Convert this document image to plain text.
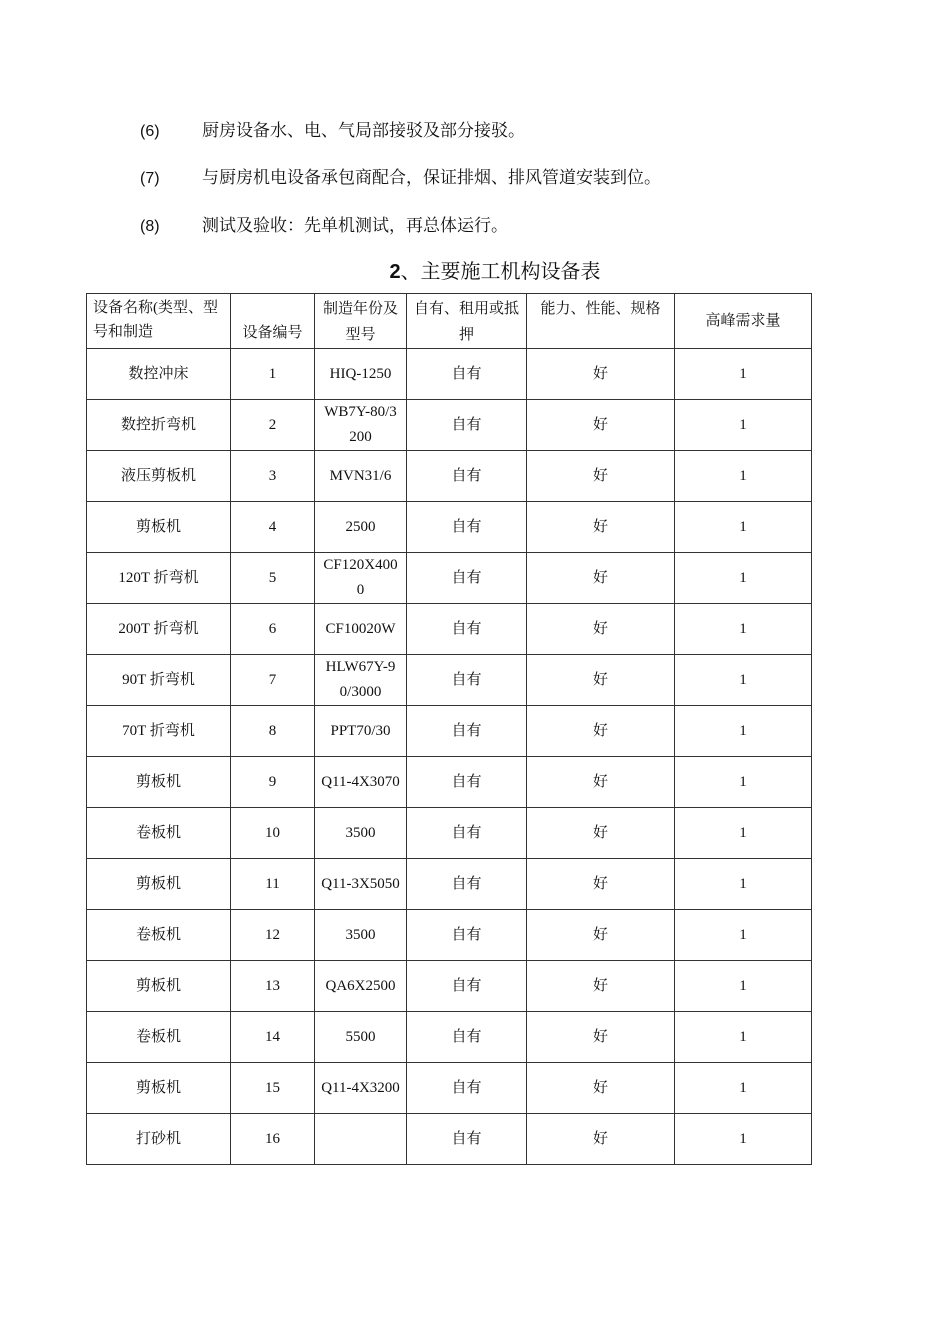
(6) 厨房设备水、电、气局部接驳及部分接驳。
(7) 与厨房机电设备承包商配合，保证排烟、排风管道安装到位。
(8) 测试及验收：先单机测试，再总体运行。
2、主要施工机构设备表
设备名称(类型、型号和制造	设备编号	制造年份及型号	自有、租用或抵押	能力、性能、规格	高峰需求量
数控冲床	1	HIQ-1250	自有	好	1
数控折弯机	2	WB7Y-80/3200	自有	好	1
液压剪板机	3	MVN31/6	自有	好	1
剪板机	4	2500	自有	好	1
120T 折弯机	5	CF120X4000	自有	好	1
200T 折弯机	6	CF10020W	自有	好	1
90T 折弯机	7	HLW67Y-90/3000	自有	好	1
70T 折弯机	8	PPT70/30	自有	好	1
剪板机	9	Q11-4X3070	自有	好	1
卷板机	10	3500	自有	好	1
剪板机	11	Q11-3X5050	自有	好	1
卷板机	12	3500	自有	好	1
剪板机	13	QA6X2500	自有	好	1
卷板机	14	5500	自有	好	1
剪板机	15	Q11-4X3200	自有	好	1
打砂机	16		自有	好	1
